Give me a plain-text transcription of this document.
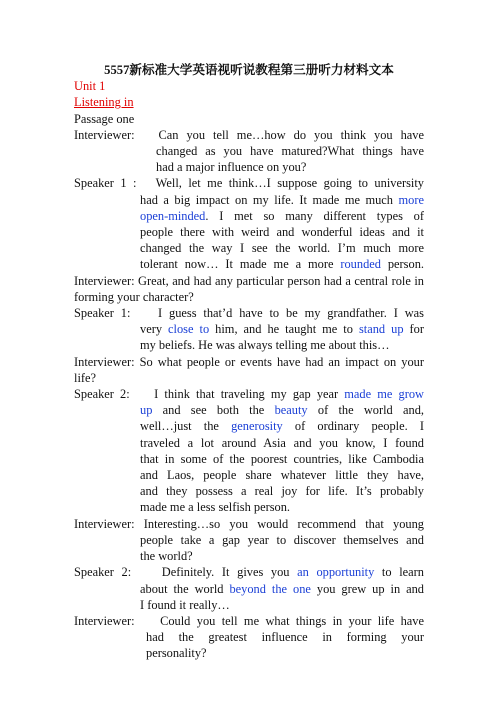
5557新标准大学英语视听说教程第三册听力材料文本
Unit 1
Listening in
Passage one
Interviewer: Can you tell me…how do you think you have
changed as you have matured?What things have
had a major influence on you?
Speaker 1 : Well, let me think…I suppose going to university
had a big impact on my life. It made me much more
open-minded. I met so many different types of
people there with weird and wonderful ideas and it
changed the way I see the world. I’m much more
tolerant now… It made me a more rounded person.
Interviewer: Great, and had any particular person had a central role in forming your character?
Speaker 1: I guess that’d have to be my grandfather. I was
very close to him, and he taught me to stand up for
my beliefs. He was always telling me about this…
Interviewer: So what people or events have had an impact on your life?
Speaker 2: I think that traveling my gap year made me grow
up and see both the beauty of the world and,
well…just the generosity of ordinary people. I
traveled a lot around Asia and you know, I found
that in some of the poorest countries, like Cambodia
and Laos, people share whatever little they have,
and they possess a real joy for life. It’s probably
made me a less selfish person.
Interviewer: Interesting…so you would recommend that young
people take a gap year to discover themselves and
the world?
Speaker 2: Definitely. It gives you an opportunity to learn
about the world beyond the one you grew up in and
I found it really…
Interviewer: Could you tell me what things in your life have
had the greatest influence in forming your
personality?
